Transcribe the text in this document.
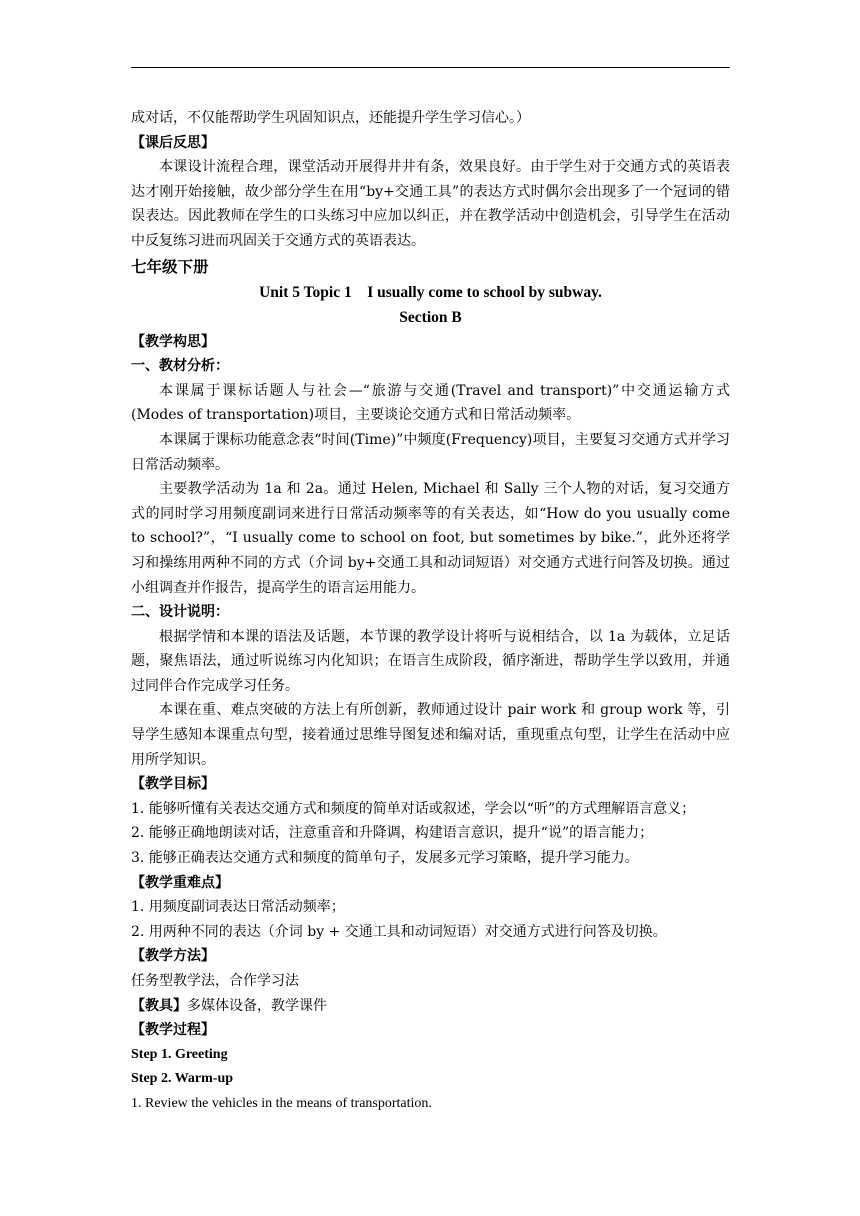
成对话，不仅能帮助学生巩固知识点，还能提升学生学习信心。）

【课后反思】

本课设计流程合理，课堂活动开展得井井有条，效果良好。由于学生对于交通方式的英语表达才刚开始接触，故少部分学生在用“by+交通工具”的表达方式时偶尔会出现多了一个冠词的错误表达。因此教师在学生的口头练习中应加以纠正，并在教学活动中创造机会，引导学生在活动中反复练习进而巩固关于交通方式的英语表达。

七年级下册

Unit 5 Topic 1    I usually come to school by subway.

Section B

【教学构思】

一、教材分析：

本课属于课标话题人与社会—“旅游与交通(Travel and transport)”中交通运输方式(Modes of transportation)项目，主要谈论交通方式和日常活动频率。

本课属于课标功能意念表“时间(Time)”中频度(Frequency)项目，主要复习交通方式并学习日常活动频率。

主要教学活动为 1a 和 2a。通过 Helen, Michael 和 Sally 三个人物的对话，复习交通方式的同时学习用频度副词来进行日常活动频率等的有关表达，如“How do you usually come to school?”，“I usually come to school on foot, but sometimes by bike.”，此外还将学习和操练用两种不同的方式（介词 by+交通工具和动词短语）对交通方式进行问答及切换。通过小组调查并作报告，提高学生的语言运用能力。

二、设计说明：

根据学情和本课的语法及话题，本节课的教学设计将听与说相结合，以 1a 为载体，立足话题，聚焦语法，通过听说练习内化知识；在语言生成阶段，循序渐进，帮助学生学以致用，并通过同伴合作完成学习任务。

本课在重、难点突破的方法上有所创新，教师通过设计 pair work 和 group work 等，引导学生感知本课重点句型，接着通过思维导图复述和编对话，重现重点句型，让学生在活动中应用所学知识。

【教学目标】

1. 能够听懂有关表达交通方式和频度的简单对话或叙述，学会以“听”的方式理解语言意义；

2. 能够正确地朗读对话，注意重音和升降调，构建语言意识，提升“说”的语言能力；

3. 能够正确表达交通方式和频度的简单句子，发展多元学习策略，提升学习能力。

【教学重难点】

1. 用频度副词表达日常活动频率；

2. 用两种不同的表达（介词 by + 交通工具和动词短语）对交通方式进行问答及切换。

【教学方法】

任务型教学法，合作学习法

【教具】多媒体设备，教学课件

【教学过程】

Step 1. Greeting

Step 2. Warm-up

1. Review the vehicles in the means of transportation.
